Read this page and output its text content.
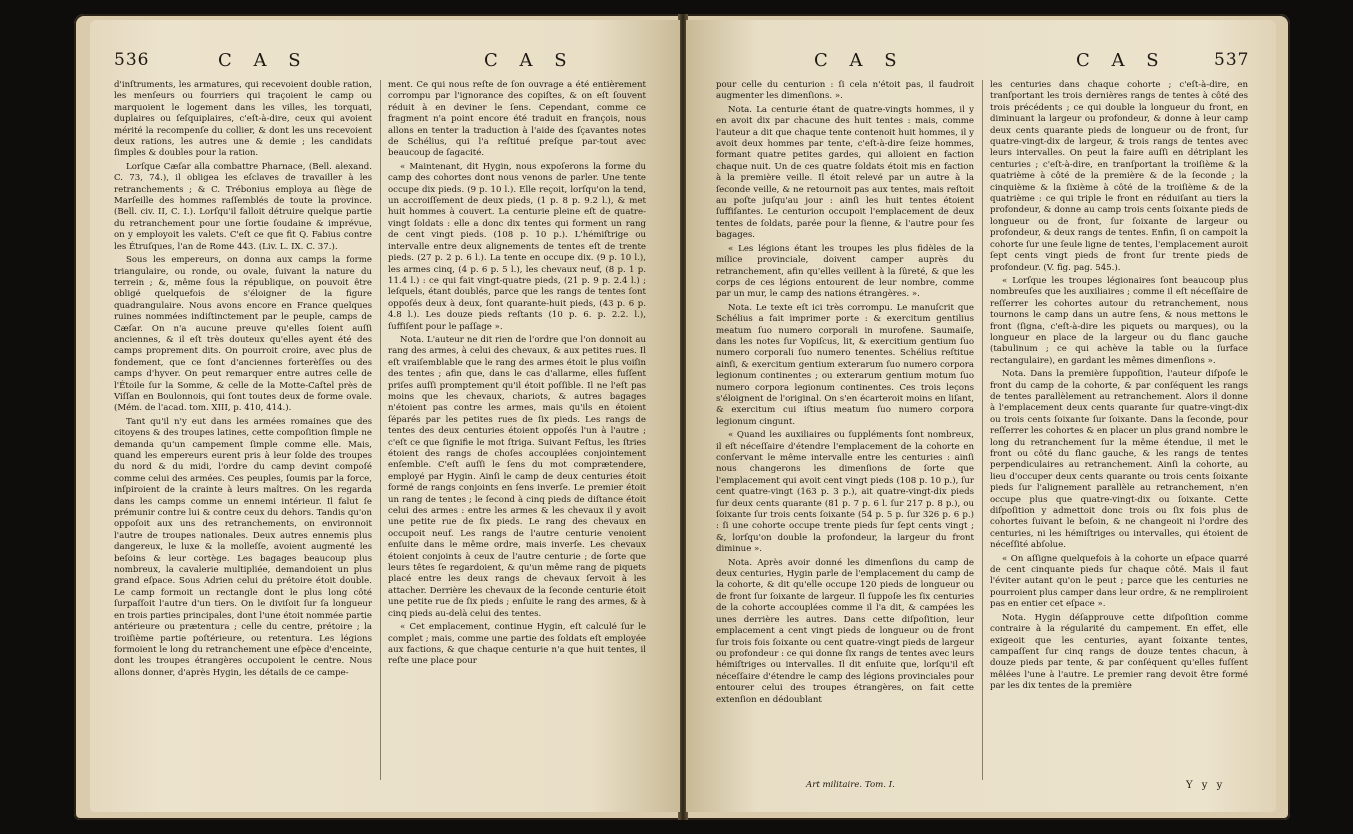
536	C A S	C A S

d'inſtruments, les armatures, qui recevoient double ration, les menſeurs ou fourriers qui traçoient le camp ou marquoient le logement dans les villes, les torquati, duplaires ou ſeſquiplaires, c'eſt-à-dire, ceux qui avoient mérité la recompenſe du collier, & dont les uns recevoient deux rations, les autres une & demie ; les candidats ſimples & doubles pour la ration.

Lorſque Cæſar alla combattre Pharnace, (Bell. alexand. C. 73, 74.), il obligea les eſclaves de travailler à les retranchements ; & C. Trébonius employa au ſiège de Marſeille des hommes raſſemblés de toute la province. (Bell. civ. II, C. I.). Lorſqu'il falloit détruire quelque partie du retranchement pour une ſortie ſoudaine & imprévue, on y employoit les valets. C'eſt ce que fit Q. Fabius contre les Étruſques, l'an de Rome 443. (Liv. L. IX. C. 37.).

Sous les empereurs, on donna aux camps la forme triangulaire, ou ronde, ou ovale, ſuivant la nature du terrein ; &, même ſous la république, on pouvoit être obligé quelquefois de s'éloigner de la figure quadrangulaire. Nous avons encore en France quelques ruines nommées indiſtinctement par le peuple, camps de Cæſar. On n'a aucune preuve qu'elles ſoient auſſi anciennes, & il eſt très douteux qu'elles ayent été des camps proprement dits. On pourroit croire, avec plus de fondement, que ce ſont d'anciennes forterèſſes ou des camps d'hyver. On peut remarquer entre autres celle de l'Étoile ſur la Somme, & celle de la Motte-Caſtel près de Viſſan en Boulonnois, qui ſont toutes deux de forme ovale. (Mém. de l'acad. tom. XIII, p. 410, 414.).

Tant qu'il n'y eut dans les armées romaines que des citoyens & des troupes latines, cette compoſition ſimple ne demanda qu'un campement ſimple comme elle. Mais, quand les empereurs eurent pris à leur ſolde des troupes du nord & du midi, l'ordre du camp devint compoſé comme celui des armées. Ces peuples, ſoumis par la force, inſpiroient de la crainte à leurs maîtres. On les regarda dans les camps comme un ennemi intérieur. Il falut ſe prémunir contre lui & contre ceux du dehors. Tandis qu'on oppoſoit aux uns des retranchements, on environnoit l'autre de troupes nationales. Deux autres ennemis plus dangereux, le luxe & la molleſſe, avoient augmenté les beſoins & leur cortège. Les bagages beaucoup plus nombreux, la cavalerie multipliée, demandoient un plus grand eſpace. Sous Adrien celui du prétoire étoit double. Le camp formoit un rectangle dont le plus long côté ſurpaſſoit l'autre d'un tiers. On le diviſoit ſur ſa longueur en trois parties principales, dont l'une étoit nommée partie antérieure ou prætentura ; celle du centre, prétoire ; la troiſième partie poſtérieure, ou retentura. Les légions formoient le long du retranchement une eſpèce d'enceinte, dont les troupes étrangères occupoient le centre. Nous allons donner, d'après Hygin, les détails de ce campe-

ment. Ce qui nous reſte de ſon ouvrage a été entièrement corrompu par l'ignorance des copiſtes, & on eſt ſouvent réduit à en deviner le ſens. Cependant, comme ce fragment n'a point encore été traduit en françois, nous allons en tenter la traduction à l'aide des ſçavantes notes de Schélius, qui l'a reſtitué preſque par-tout avec beaucoup de ſagacité.

« Maintenant, dit Hygin, nous expoſerons la forme du camp des cohortes dont nous venons de parler. Une tente occupe dix pieds. (9 p. 10 l.). Elle reçoit, lorſqu'on la tend, un accroiſſement de deux pieds, (1 p. 8 p. 9.2 l.), & met huit hommes à couvert. La centurie pleine eſt de quatre-vingt ſoldats : elle a donc dix tentes qui forment un rang de cent vingt pieds. (108 p. 10 p.). L'hémiſtrige ou intervalle entre deux alignements de tentes eſt de trente pieds. (27 p. 2 p. 6 l.). La tente en occupe dix. (9 p. 10 l.), les armes cinq, (4 p. 6 p. 5 l.), les chevaux neuf, (8 p. 1 p. 11.4 l.) : ce qui fait vingt-quatre pieds, (21 p. 9 p. 2.4 l.) ; leſquels, étant doublés, parce que les rangs de tentes ſont oppoſés deux à deux, ſont quarante-huit pieds, (43 p. 6 p. 4.8 l.). Les douze pieds reſtants (10 p. 6. p. 2.2. l.), ſuffiſent pour le paſſage ».

Nota. L'auteur ne dit rien de l'ordre que l'on donnoit au rang des armes, à celui des chevaux, & aux petites rues. Il eſt vraiſemblable que le rang des armes étoit le plus voiſin des tentes ; afin que, dans le cas d'allarme, elles fuſſent priſes auſſi promptement qu'il étoit poſſible. Il ne l'eſt pas moins que les chevaux, chariots, & autres bagages n'étoient pas contre les armes, mais qu'ils en étoient ſéparés par les petites rues de ſix pieds. Les rangs de tentes des deux centuries étoient oppoſés l'un à l'autre ; c'eſt ce que ſignifie le mot ſtriga. Suivant Feſtus, les ſtries étoient des rangs de choſes accouplées conjointement enſemble. C'eſt auſſi le ſens du mot comprætendere, employé par Hygin. Ainſi le camp de deux centuries étoit formé de rangs conjoints en ſens inverſe. Le premier étoit un rang de tentes ; le ſecond à cinq pieds de diſtance étoit celui des armes : entre les armes & les chevaux il y avoit une petite rue de ſix pieds. Le rang des chevaux en occupoit neuf. Les rangs de l'autre centurie venoient enſuite dans le même ordre, mais inverſe. Les chevaux étoient conjoints à ceux de l'autre centurie ; de ſorte que leurs têtes ſe regardoient, & qu'un même rang de piquets placé entre les deux rangs de chevaux ſervoit à les attacher. Derrière les chevaux de la ſeconde centurie étoit une petite rue de ſix pieds ; enſuite le rang des armes, & à cinq pieds au-delà celui des tentes.

« Cet emplacement, continue Hygin, eſt calculé ſur le complet ; mais, comme une partie des ſoldats eſt employée aux factions, & que chaque centurie n'a que huit tentes, il reſte une place pour

C A S	C A S	537

pour celle du centurion : ſi cela n'étoit pas, il faudroit augmenter les dimenſions. ».

Nota. La centurie étant de quatre-vingts hommes, il y en avoit dix par chacune des huit tentes : mais, comme l'auteur a dit que chaque tente contenoit huit hommes, il y avoit deux hommes par tente, c'eſt-à-dire ſeize hommes, formant quatre petites gardes, qui alloient en faction chaque nuit. Un de ces quatre ſoldats étoit mis en faction à la première veille. Il étoit relevé par un autre à la ſeconde veille, & ne retournoit pas aux tentes, mais reſtoit au poſte juſqu'au jour : ainſi les huit tentes étoient ſuffiſantes. Le centurion occupoit l'emplacement de deux tentes de ſoldats, parée pour la ſienne, & l'autre pour ſes bagages.

« Les légions étant les troupes les plus fidèles de la milice provinciale, doivent camper auprès du retranchement, afin qu'elles veillent à la ſûreté, & que les corps de ces légions entourent de leur nombre, comme par un mur, le camp des nations étrangères. ».

Nota. Le texte eſt ici très corrompu. Le manuſcrit que Schélius a fait imprimer porte : & exercitum gentilius meatum ſuo numero corporali in murofene. Saumaiſe, dans les notes ſur Vopiſcus, lit, & exercitium gentium ſuo numero corporali ſuo numero tenentes. Schélius reſtitue ainſi, & exercitum gentium exterarum ſuo numero corpora legionum continentes ; ou exterarum gentium motum ſuo numero corpora legionum continentes. Ces trois leçons s'éloignent de l'original. On s'en écarteroit moins en liſant, & exercitum cui iſtius meatum ſuo numero corpora legionum cingunt.

« Quand les auxiliaires ou ſuppléments ſont nombreux, il eſt néceſſaire d'étendre l'emplacement de la cohorte en conſervant le même intervalle entre les centuries : ainſi nous changerons les dimenſions de ſorte que l'emplacement qui avoit cent vingt pieds (108 p. 10 p.), ſur cent quatre-vingt (163 p. 3 p.), ait quatre-vingt-dix pieds ſur deux cents quarante (81 p. 7 p. 6 l. ſur 217 p. 8 p.), ou ſoixante ſur trois cents ſoixante (54 p. 5 p. ſur 326 p. 6 p.) : ſi une cohorte occupe trente pieds ſur ſept cents vingt ; &, lorſqu'on double la profondeur, la largeur du front diminue ».

Nota. Après avoir donné les dimenſions du camp de deux centuries, Hygin parle de l'emplacement du camp de la cohorte, & dit qu'elle occupe 120 pieds de longueur ou de front ſur ſoixante de largeur. Il ſuppoſe les ſix centuries de la cohorte accouplées comme il l'a dit, & campées les unes derrière les autres. Dans cette diſpoſition, leur emplacement a cent vingt pieds de longueur ou de front ſur trois fois ſoixante ou cent quatre-vingt pieds de largeur ou profondeur : ce qui donne ſix rangs de tentes avec leurs hémiſtriges ou intervalles. Il dit enſuite que, lorſqu'il eſt néceſſaire d'étendre le camp des légions provinciales pour entourer celui des troupes étrangères, on fait cette extenſion en dédoublant

les centuries dans chaque cohorte ; c'eſt-à-dire, en tranſportant les trois dernières rangs de tentes à côté des trois précédents ; ce qui double la longueur du front, en diminuant la largeur ou profondeur, & donne à leur camp deux cents quarante pieds de longueur ou de front, ſur quatre-vingt-dix de largeur, & trois rangs de tentes avec leurs intervalles. On peut la faire auſſi en détriplant les centuries ; c'eſt-à-dire, en tranſportant la troiſième & la quatrième à côté de la première & de la ſeconde ; la cinquième & la ſixième à côté de la troiſième & de la quatrième : ce qui triple le front en réduiſant au tiers la profondeur, & donne au camp trois cents ſoixante pieds de longueur ou de front, ſur ſoixante de largeur ou profondeur, & deux rangs de tentes. Enfin, ſi on campoit la cohorte ſur une ſeule ligne de tentes, l'emplacement auroit ſept cents vingt pieds de front ſur trente pieds de profondeur. (V. fig. pag. 545.).

« Lorſque les troupes légionaires ſont beaucoup plus nombreuſes que les auxiliaires ; comme il eſt néceſſaire de reſſerrer les cohortes autour du retranchement, nous tournons le camp dans un autre ſens, & nous mettons le front (ſigna, c'eſt-à-dire les piquets ou marques), ou la longueur en place de la largeur ou du flanc gauche (tabulinum ; ce qui achève la table ou la ſurface rectangulaire), en gardant les mêmes dimenſions ».

Nota. Dans la première ſuppoſition, l'auteur diſpoſe le front du camp de la cohorte, & par conſéquent les rangs de tentes parallèlement au retranchement. Alors il donne à l'emplacement deux cents quarante ſur quatre-vingt-dix ou trois cents ſoixante ſur ſoixante. Dans la ſeconde, pour reſſerrer les cohortes & en placer un plus grand nombre le long du retranchement ſur la même étendue, il met le front ou côté du flanc gauche, & les rangs de tentes perpendiculaires au retranchement. Ainſi la cohorte, au lieu d'occuper deux cents quarante ou trois cents ſoixante pieds ſur l'alignement parallèle au retranchement, n'en occupe plus que quatre-vingt-dix ou ſoixante. Cette diſpoſition y admettoit donc trois ou ſix fois plus de cohortes ſuivant le beſoin, & ne changeoit ni l'ordre des centuries, ni les hémiſtriges ou intervalles, qui étoient de néceſſité abſolue.

« On aſſigne quelquefois à la cohorte un eſpace quarré de cent cinquante pieds ſur chaque côté. Mais il faut l'éviter autant qu'on le peut ; parce que les centuries ne pourroient plus camper dans leur ordre, & ne rempliroient pas en entier cet eſpace ».

Nota. Hygin déſapprouve cette diſpoſition comme contraire à la régularité du campement. En effet, elle exigeoit que les centuries, ayant ſoixante tentes, campaſſent ſur cinq rangs de douze tentes chacun, à douze pieds par tente, & par conſéquent qu'elles fuſſent mêlées l'une à l'autre. Le premier rang devoit être formé par les dix tentes de la première

Art militaire. Tom. I.	Y y y
